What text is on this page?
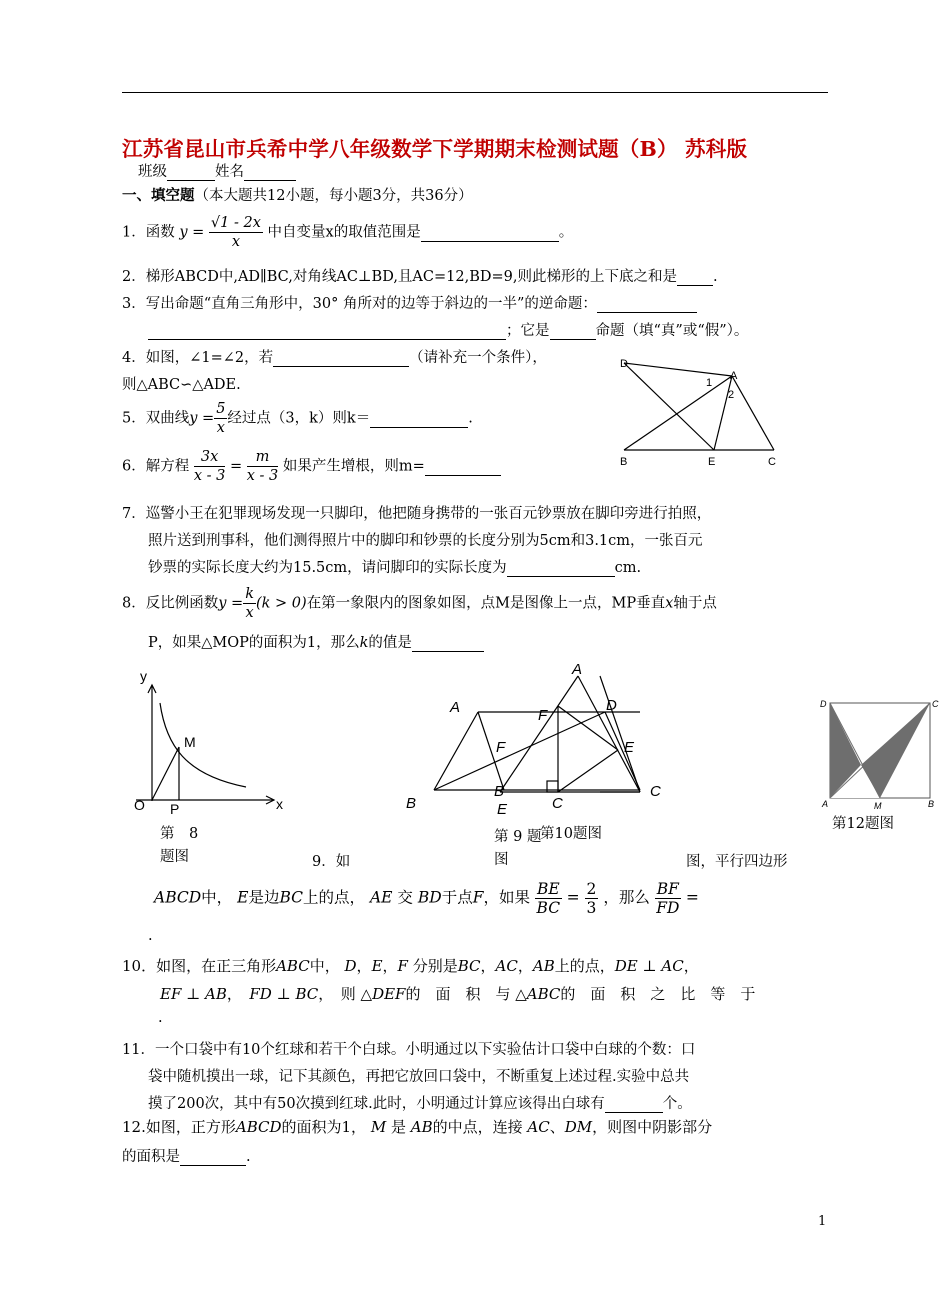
江苏省昆山市兵希中学八年级数学下学期期末检测试题（B） 苏科版
班级	姓名
一、填空题（本大题共12小题，每小题3分，共36分）
1．函数 $y = \frac{√1 - 2x}{x}$ 中自变量x的取值范围是	。
2．梯形ABCD中,AD∥BC,对角线AC⊥BD,且AC=12,BD=9,则此梯形的上下底之和是 .
3．写出命题“直角三角形中，30° 角所对的边等于斜边的一半”的逆命题：
；它是	命题（填“真”或“假”）。
4．如图，∠1=∠2，若	（请补充一个条件），
则△ABC∽△ADE.
5．双曲线$y = \frac{5}{x}$ 经过点（3，k）则k＝	.
6．解方程 $\frac{3x}{x - 3} = \frac{m}{x - 3}$ 如果产生增根，则m=
7．巡警小王在犯罪现场发现一只脚印，他把随身携带的一张百元钞票放在脚印旁进行拍照，
照片送到刑事科，他们测得照片中的脚印和钞票的长度分别为5cm和3.1cm，一张百元
钞票的实际长度大约为15.5cm，请问脚印的实际长度为	cm.
8．反比例函数$y = \frac{k}{x} (k > 0)$在第一象限内的图象如图，点M是图像上一点，MP垂直x轴于点
P，如果△MOP的面积为1，那么k的值是
D
A
1
2
B	E	C
y
M
O P	x
第　8
题图
A
F
B	E
A
D
F
E
B
C
C
第 9 题
图
第10题图
D	C
A	M	B
第12题图
9．如	图，平行四边形
ABCD中， E是边BC上的点， AE 交 BD于点F，如果 $\frac{BE}{BC} = \frac{2}{3}$ ，那么 $\frac{BF}{FD}$ =
.
10．如图，在正三角形ABC中， D，E，F 分别是BC，AC，AB上的点，DE ⊥ AC，
EF ⊥ AB，　FD ⊥ BC，　则 △DEF的　面　积　与 △ABC的　面　积　之　比　等　于
.
11．一个口袋中有10个红球和若干个白球。小明通过以下实验估计口袋中白球的个数：口
袋中随机摸出一球，记下其颜色，再把它放回口袋中，不断重复上述过程.实验中总共
摸了200次，其中有50次摸到红球.此时，小明通过计算应该得出白球有	个。
12.如图，正方形ABCD的面积为1， M 是 AB的中点，连接 AC、DM，则图中阴影部分
的面积是	.
1
